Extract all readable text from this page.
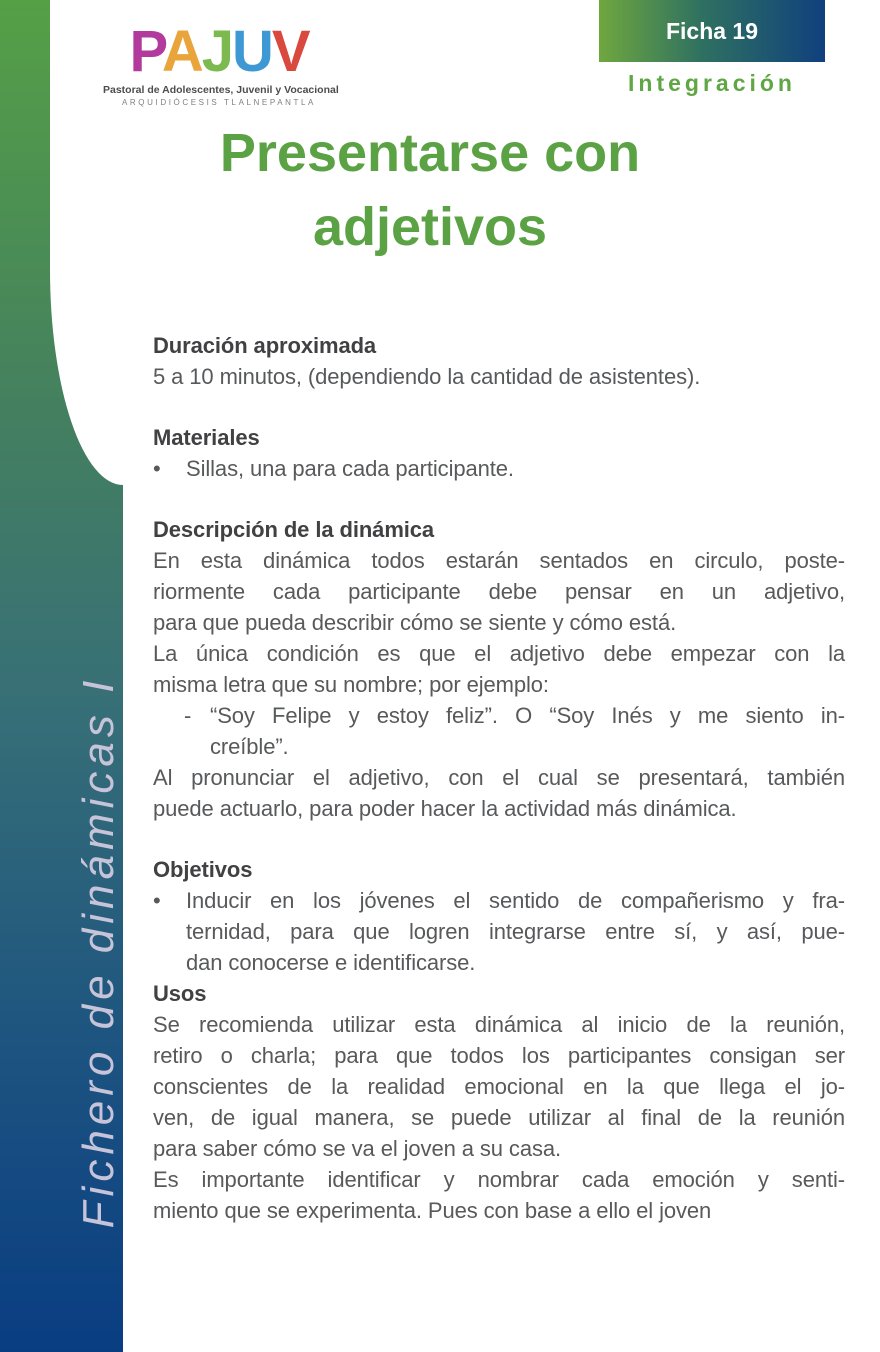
Fichero de dinámicas I
PAJUV
Pastoral de Adolescentes, Juvenil y Vocacional
ARQUIDIÓCESIS TLALNEPANTLA
Ficha 19
Integración
Presentarse con
adjetivos
Duración aproximada
5 a 10 minutos, (dependiendo la cantidad de asistentes).
Materiales
•	Sillas, una para cada participante.
Descripción de la dinámica
En esta dinámica todos estarán sentados en circulo, poste-
riormente cada participante debe pensar en un adjetivo,
para que pueda describir cómo se siente y cómo está.
La única condición es que el adjetivo debe empezar con la
misma letra que su nombre; por ejemplo:
- “Soy Felipe y estoy feliz”. O “Soy Inés y me siento in-
creíble”.
Al pronunciar el adjetivo, con el cual se presentará, también
puede actuarlo, para poder hacer la actividad más dinámica.
Objetivos
•	Inducir en los jóvenes el sentido de compañerismo y fra-
ternidad, para que logren integrarse entre sí, y así, pue-
dan conocerse e identificarse.
Usos
Se recomienda utilizar esta dinámica al inicio de la reunión,
retiro o charla; para que todos los participantes consigan ser
conscientes de la realidad emocional en la que llega el jo-
ven, de igual manera, se puede utilizar al final de la reunión
para saber cómo se va el joven a su casa.
Es importante identificar y nombrar cada emoción y senti-
miento que se experimenta. Pues con base a ello el joven
